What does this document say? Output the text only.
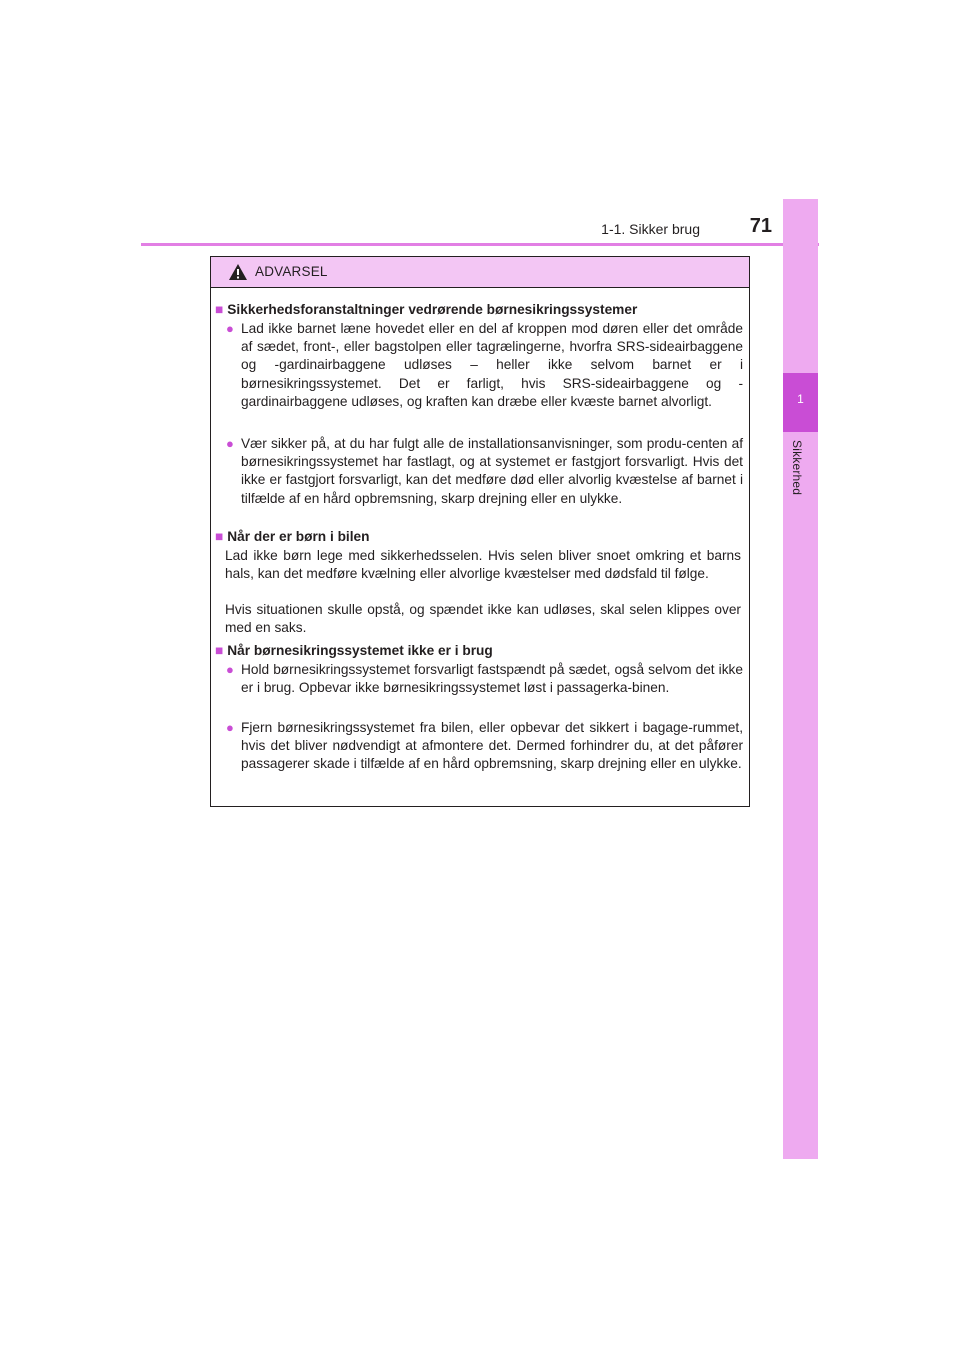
1-1. Sikker brug	71
1
Sikkerhed
ADVARSEL
■ Sikkerhedsforanstaltninger vedrørende børnesikringssystemer
● Lad ikke barnet læne hovedet eller en del af kroppen mod døren eller det område af sædet, front-, eller bagstolpen eller tagrælingerne, hvorfra SRS-sideairbaggene og -gardinairbaggene udløses – heller ikke selvom barnet er i børnesikringssystemet. Det er farligt, hvis SRS-sideairbaggene og -gardinairbaggene udløses, og kraften kan dræbe eller kvæste barnet alvorligt.
● Vær sikker på, at du har fulgt alle de installationsanvisninger, som produ-centen af børnesikringssystemet har fastlagt, og at systemet er fastgjort forsvarligt. Hvis det ikke er fastgjort forsvarligt, kan det medføre død eller alvorlig kvæstelse af barnet i tilfælde af en hård opbremsning, skarp drejning eller en ulykke.
■ Når der er børn i bilen
Lad ikke børn lege med sikkerhedsselen. Hvis selen bliver snoet omkring et barns hals, kan det medføre kvælning eller alvorlige kvæstelser med dødsfald til følge.
Hvis situationen skulle opstå, og spændet ikke kan udløses, skal selen klippes over med en saks.
■ Når børnesikringssystemet ikke er i brug
● Hold børnesikringssystemet forsvarligt fastspændt på sædet, også selvom det ikke er i brug. Opbevar ikke børnesikringssystemet løst i passagerka-binen.
● Fjern børnesikringssystemet fra bilen, eller opbevar det sikkert i bagage-rummet, hvis det bliver nødvendigt at afmontere det. Dermed forhindrer du, at det påfører passagerer skade i tilfælde af en hård opbremsning, skarp drejning eller en ulykke.
